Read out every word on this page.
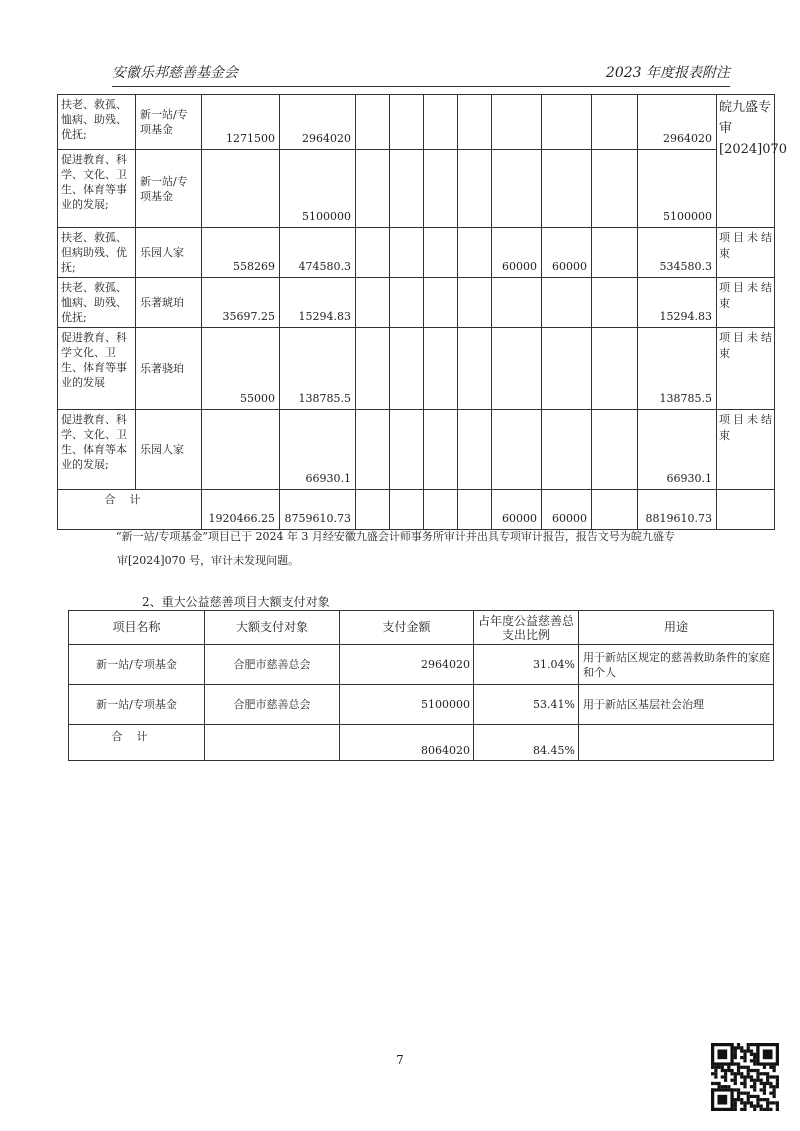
安徽乐邦慈善基金会	2023 年度报表附注
扶老、救孤、恤病、助残、优抚;	新一站/专项基金	1271500	2964020								2964020	皖九盛专审[2024]070

促进教育、科学、文化、卫生、体育等事业的发展;	新一站/专项基金		5100000								5100000	
扶老、救孤、但病助残、优抚;	乐园人家	558269	474580.3					60000	60000		534580.3	项目未结束

扶老、救孤、恤病、助残、优抚;	乐著琥珀	35697.25	15294.83								15294.83	项目未结束

促进教育、科学文化、卫生、体育等事业的发展	乐著骁珀	55000	138785.5								138785.5	项目未结束

促进教育、科学、文化、卫生、体育等本业的发展;	乐园人家		66930.1								66930.1	项目未结束

合计		1920466.25	8759610.73					60000	60000		8819610.73	
“新一站/专项基金”项目已于 2024 年 3 月经安徽九盛会计师事务所审计并出具专项审计报告，报告文号为皖九盛专
审[2024]070 号，审计未发现问题。
2、重大公益慈善项目大额支付对象
项目名称	大额支付对象	支付金额	占年度公益慈善总支出比例	用途
新一站/专项基金	合肥市慈善总会	2964020	31.04%	用于新站区规定的慈善救助条件的家庭和个人
新一站/专项基金	合肥市慈善总会	5100000	53.41%	用于新站区基层社会治理
合计		8064020	84.45%	
7
